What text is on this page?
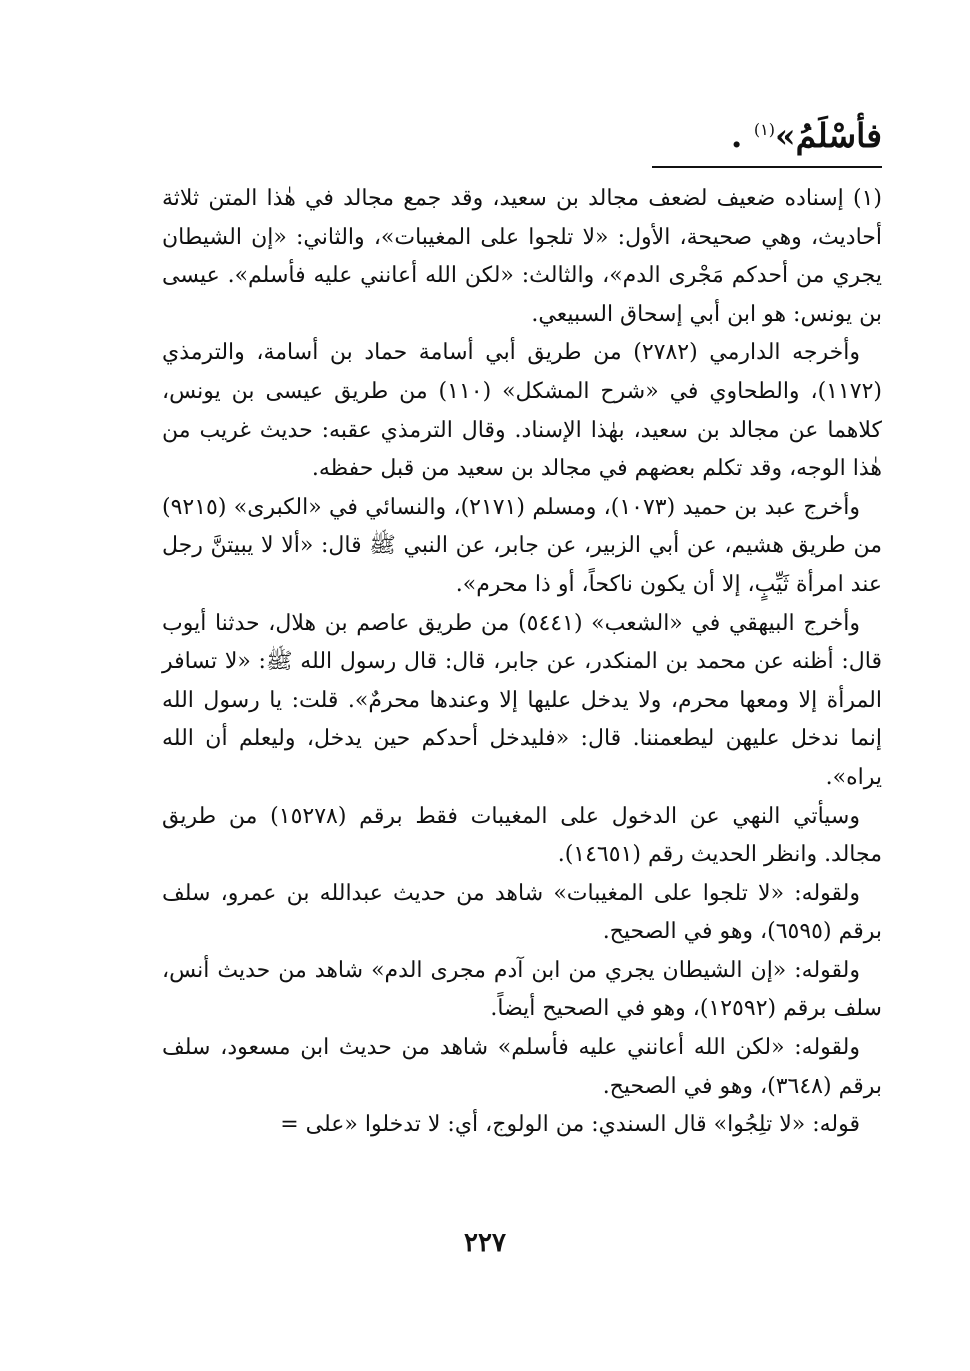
فأسْلَمُ»$^{(١)}$ .

(١) إسناده ضعيف لضعف مجالد بن سعيد، وقد جمع مجالد في هٰذا المتن ثلاثة أحاديث، وهي صحيحة، الأول: «لا تلجوا على المغيبات»، والثاني: «إن الشيطان يجري من أحدكم مَجْرى الدم»، والثالث: «لكن الله أعانني عليه فأسلم». عيسى بن يونس: هو ابن أبي إسحاق السبيعي.

وأخرجه الدارمي (٢٧٨٢) من طريق أبي أسامة حماد بن أسامة، والترمذي (١١٧٢)، والطحاوي في «شرح المشكل» (١١٠) من طريق عيسى بن يونس، كلاهما عن مجالد بن سعيد، بهٰذا الإسناد. وقال الترمذي عقبه: حديث غريب من هٰذا الوجه، وقد تكلم بعضهم في مجالد بن سعيد من قبل حفظه.

وأخرج عبد بن حميد (١٠٧٣)، ومسلم (٢١٧١)، والنسائي في «الكبرى» (٩٢١٥) من طريق هشيم، عن أبي الزبير، عن جابر، عن النبي ﷺ قال: «ألا لا يبيتنَّ رجل عند امرأة ثَيِّبٍ، إلا أن يكون ناكحاً، أو ذا محرم».

وأخرج البيهقي في «الشعب» (٥٤٤١) من طريق عاصم بن هلال، حدثنا أيوب قال: أظنه عن محمد بن المنكدر، عن جابر، قال: قال رسول الله ﷺ: «لا تسافر المرأة إلا ومعها محرم، ولا يدخل عليها إلا وعندها محرمٌ». قلت: يا رسول الله إنما ندخل عليهن ليطعمننا. قال: «فليدخل أحدكم حين يدخل، وليعلم أن الله يراه».

وسيأتي النهي عن الدخول على المغيبات فقط برقم (١٥٢٧٨) من طريق مجالد. وانظر الحديث رقم (١٤٦٥١).

ولقوله: «لا تلجوا على المغيبات» شاهد من حديث عبدالله بن عمرو، سلف برقم (٦٥٩٥)، وهو في الصحيح.

ولقوله: «إن الشيطان يجري من ابن آدم مجرى الدم» شاهد من حديث أنس، سلف برقم (١٢٥٩٢)، وهو في الصحيح أيضاً.

ولقوله: «لكن الله أعانني عليه فأسلم» شاهد من حديث ابن مسعود، سلف برقم (٣٦٤٨)، وهو في الصحيح.

قوله: «لا تلِجُوا» قال السندي: من الولوج، أي: لا تدخلوا «على =

٢٢٧
